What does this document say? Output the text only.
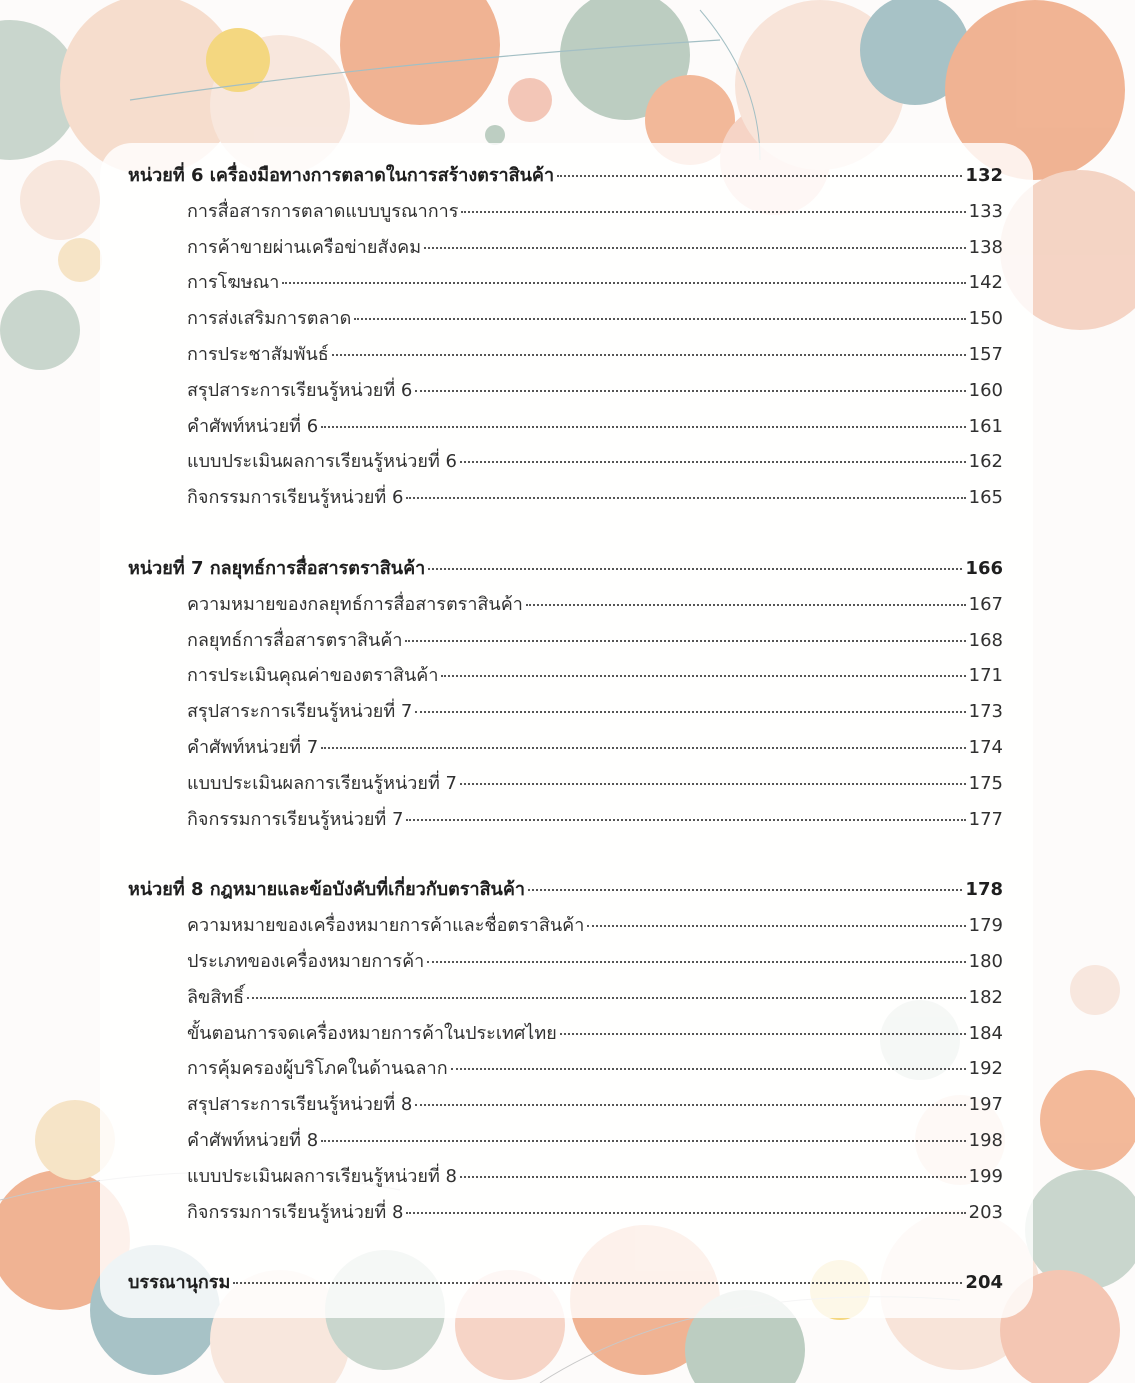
หน่วยที่ 6 เครื่องมือทางการตลาดในการสร้างตราสินค้า	132
การสื่อสารการตลาดแบบบูรณาการ	133
การค้าขายผ่านเครือข่ายสังคม	138
การโฆษณา	142
การส่งเสริมการตลาด	150
การประชาสัมพันธ์	157
สรุปสาระการเรียนรู้หน่วยที่ 6	160
คำศัพท์หน่วยที่ 6	161
แบบประเมินผลการเรียนรู้หน่วยที่ 6	162
กิจกรรมการเรียนรู้หน่วยที่ 6	165
หน่วยที่ 7 กลยุทธ์การสื่อสารตราสินค้า	166
ความหมายของกลยุทธ์การสื่อสารตราสินค้า	167
กลยุทธ์การสื่อสารตราสินค้า	168
การประเมินคุณค่าของตราสินค้า	171
สรุปสาระการเรียนรู้หน่วยที่ 7	173
คำศัพท์หน่วยที่ 7	174
แบบประเมินผลการเรียนรู้หน่วยที่ 7	175
กิจกรรมการเรียนรู้หน่วยที่ 7	177
หน่วยที่ 8 กฎหมายและข้อบังคับที่เกี่ยวกับตราสินค้า	178
ความหมายของเครื่องหมายการค้าและชื่อตราสินค้า	179
ประเภทของเครื่องหมายการค้า	180
ลิขสิทธิ์	182
ขั้นตอนการจดเครื่องหมายการค้าในประเทศไทย	184
การคุ้มครองผู้บริโภคในด้านฉลาก	192
สรุปสาระการเรียนรู้หน่วยที่ 8	197
คำศัพท์หน่วยที่ 8	198
แบบประเมินผลการเรียนรู้หน่วยที่ 8	199
กิจกรรมการเรียนรู้หน่วยที่ 8	203
บรรณานุกรม	204
